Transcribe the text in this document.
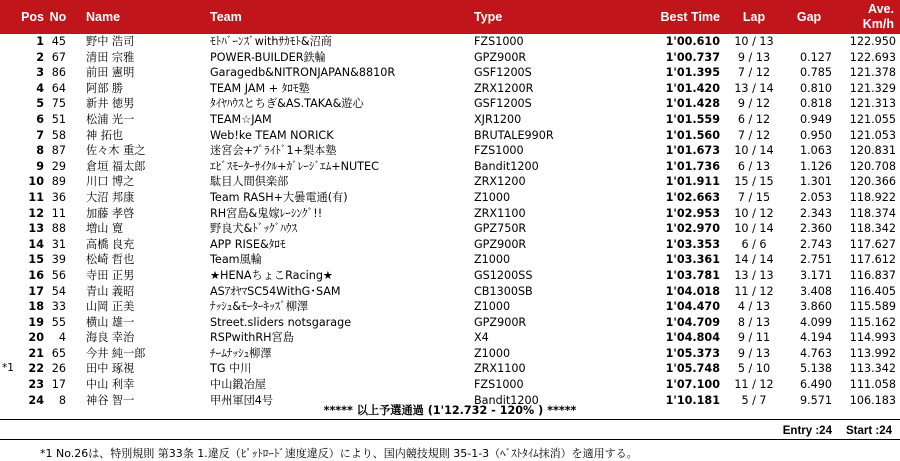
Pos	No	Name	Team	Type	Best Time	Lap	Gap	Ave.
Km/h
1	45	野中 浩司	ﾓﾄﾊﾞｰﾝｽﾞwithｻｶﾓﾄ&沼商	FZS1000	1'00.610	10 / 13		122.950
2	67	清田 宗雅	POWER-BUILDER鉄輪	GPZ900R	1'00.737	9 / 13	0.127	122.693
3	86	前田 憲明	Garagedb&NITRONJAPAN&8810R	GSF1200S	1'01.395	7 / 12	0.785	121.378
4	64	阿部 勝	TEAM JAM + ﾀﾛﾓ塾	ZRX1200R	1'01.420	13 / 14	0.810	121.329
5	75	新井 徳男	ﾀｲﾔﾊｳｽとちぎ&AS.TAKA&遊心	GSF1200S	1'01.428	9 / 12	0.818	121.313
6	51	松浦 光一	TEAM☆JAM	XJR1200	1'01.559	6 / 12	0.949	121.055
7	58	神 拓也	Web!ke TEAM NORICK	BRUTALE990R	1'01.560	7 / 12	0.950	121.053
8	87	佐々木 重之	迷宮会+ﾌﾟﾗｲﾄﾞ1+梨本塾	FZS1000	1'01.673	10 / 14	1.063	120.831
9	29	倉垣 福太郎	ｴﾋﾞｽﾓｰﾀｰｻｲｸﾙ+ｶﾞﾚｰｼﾞｴﾑ+NUTEC	Bandit1200	1'01.736	6 / 13	1.126	120.708
10	89	川口 博之	駄目人間倶楽部	ZRX1200	1'01.911	15 / 15	1.301	120.366
11	36	大沼 邦康	Team RASH+大曇電通(有)	Z1000	1'02.663	7 / 15	2.053	118.922
12	11	加藤 孝啓	RH宮島&鬼嫁ﾚｰｼﾝｸﾞ!!	ZRX1100	1'02.953	10 / 12	2.343	118.374
13	88	増山 寛	野良犬&ﾄﾞｯｸﾞﾊｳｽ	GPZ750R	1'02.970	10 / 14	2.360	118.342
14	31	高橋 良充	APP RISE&ﾀﾛﾓ	GPZ900R	1'03.353	6 / 6	2.743	117.627
15	39	松崎 哲也	Team風輪	Z1000	1'03.361	14 / 14	2.751	117.612
16	56	寺田 正男	★HENAちょこRacing★	GS1200SS	1'03.781	13 / 13	3.171	116.837
17	54	青山 義昭	ASｱｵﾔﾏSC54WithG･SAM	CB1300SB	1'04.018	11 / 12	3.408	116.405
18	33	山岡 正美	ﾅｯｼｭ&ﾓｰﾀｰｷｯｽﾞ柳澤	Z1000	1'04.470	4 / 13	3.860	115.589
19	55	横山 雄一	Street.sliders notsgarage	GPZ900R	1'04.709	8 / 13	4.099	115.162
20	4	海良 幸治	RSPwithRH宮島	X4	1'04.804	9 / 11	4.194	114.993
21	65	今井 純一郎	ﾁｰﾑﾅｯｼｭ柳澤	Z1000	1'05.373	9 / 13	4.763	113.992

*1 22	26	田中 琢視	TG 中川	ZRX1100	1'05.748	5 / 10	5.138	113.342
23	17	中山 利幸	中山鍛冶屋	FZS1000	1'07.100	11 / 12	6.490	111.058
24	8	神谷 智一	甲州軍団4号	Bandit1200	1'10.181	5 / 7	9.571	106.183
***** 以上予選通過 (1'12.732 - 120% ) *****
Entry :24 Start :24
*1 No.26は、特別規則 第33条 1.違反（ﾋﾟｯﾄﾛｰﾄﾞ速度違反）により、国内競技規則 35-1-3（ﾍﾞｽﾄﾀｲﾑ抹消）を適用する。
